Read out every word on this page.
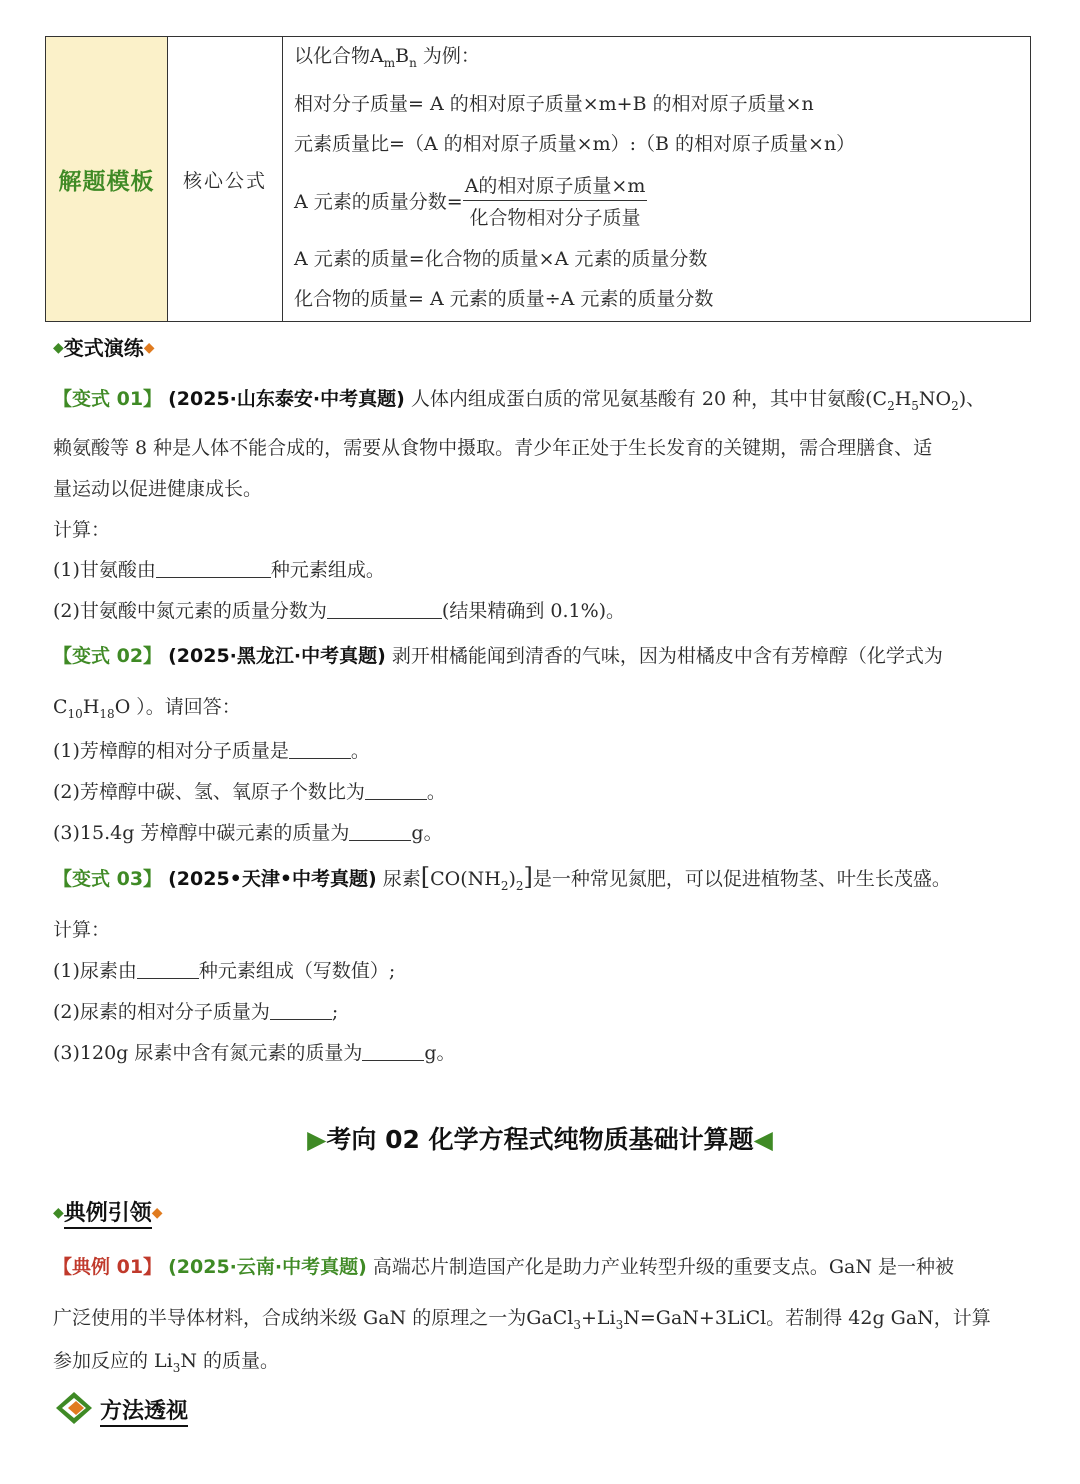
解题模板 核心公式
以化合物$A_mB_n$ 为例：
相对分子质量= A 的相对原子质量×m+B 的相对原子质量×n
元素质量比=（A 的相对原子质量×m）:（B 的相对原子质量×n）
A 元素的质量分数= $\frac{\text{A的相对原子质量×m}}{\text{化合物相对分子质量}}$
A 元素的质量=化合物的质量×A 元素的质量分数
化合物的质量= A 元素的质量÷A 元素的质量分数
◆变式演练◆
【变式 01】 (2025·山东泰安·中考真题) 人体内组成蛋白质的常见氨基酸有 20 种，其中甘氨酸$(C_2H_5NO_2)$、
赖氨酸等 8 种是人体不能合成的，需要从食物中摄取。青少年正处于生长发育的关键期，需合理膳食、适
量运动以促进健康成长。
计算：
(1)甘氨酸由	种元素组成。
(2)甘氨酸中氮元素的质量分数为	(结果精确到 0.1%)。
【变式 02】 (2025·黑龙江·中考真题) 剥开柑橘能闻到清香的气味，因为柑橘皮中含有芳樟醇（化学式为
$C_{10}H_{18}O$ ）。请回答：
(1)芳樟醇的相对分子质量是	。
(2)芳樟醇中碳、氢、氧原子个数比为	。
(3)15.4g 芳樟醇中碳元素的质量为	g。
【变式 03】 (2025•天津•中考真题) 尿素$[CO(NH_2)_2]$是一种常见氮肥，可以促进植物茎、叶生长茂盛。
计算：
(1)尿素由	种元素组成（写数值）;
(2)尿素的相对分子质量为	;
(3)120g 尿素中含有氮元素的质量为	g。
▶考向 02 化学方程式纯物质基础计算题◀
◆典例引领◆
【典例 01】 (2025·云南·中考真题) 高端芯片制造国产化是助力产业转型升级的重要支点。GaN 是一种被
广泛使用的半导体材料，合成纳米级 GaN 的原理之一为$GaCl_3+Li_3N=GaN+3LiCl$。若制得 42g GaN，计算
参加反应的 $Li_3N$ 的质量。
方法透视
